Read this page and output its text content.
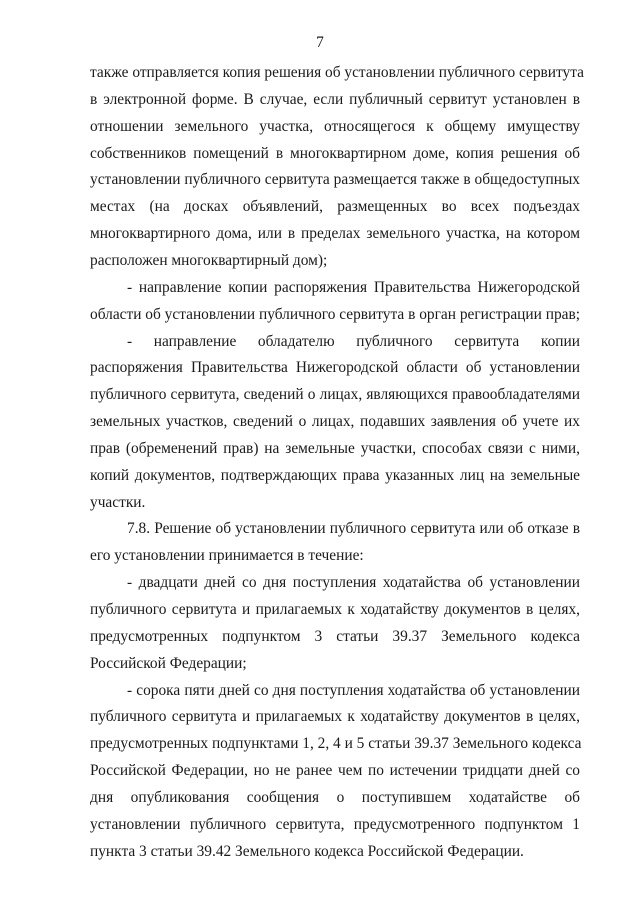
7
также отправляется копия решения об установлении публичного сервитута
в электронной форме. В случае, если публичный сервитут установлен в
отношении земельного участка, относящегося к общему имуществу
собственников помещений в многоквартирном доме, копия решения об
установлении публичного сервитута размещается также в общедоступных
местах (на досках объявлений, размещенных во всех подъездах
многоквартирного дома, или в пределах земельного участка, на котором
расположен многоквартирный дом);
- направление копии распоряжения Правительства Нижегородской
области об установлении публичного сервитута в орган регистрации прав;
- направление обладателю публичного сервитута копии
распоряжения Правительства Нижегородской области об установлении
публичного сервитута, сведений о лицах, являющихся правообладателями
земельных участков, сведений о лицах, подавших заявления об учете их
прав (обременений прав) на земельные участки, способах связи с ними,
копий документов, подтверждающих права указанных лиц на земельные
участки.
7.8. Решение об установлении публичного сервитута или об отказе в
его установлении принимается в течение:
- двадцати дней со дня поступления ходатайства об установлении
публичного сервитута и прилагаемых к ходатайству документов в целях,
предусмотренных подпунктом 3 статьи 39.37 Земельного кодекса
Российской Федерации;
- сорока пяти дней со дня поступления ходатайства об установлении
публичного сервитута и прилагаемых к ходатайству документов в целях,
предусмотренных подпунктами 1, 2, 4 и 5 статьи 39.37 Земельного кодекса
Российской Федерации, но не ранее чем по истечении тридцати дней со
дня опубликования сообщения о поступившем ходатайстве об
установлении публичного сервитута, предусмотренного подпунктом 1
пункта 3 статьи 39.42 Земельного кодекса Российской Федерации.
